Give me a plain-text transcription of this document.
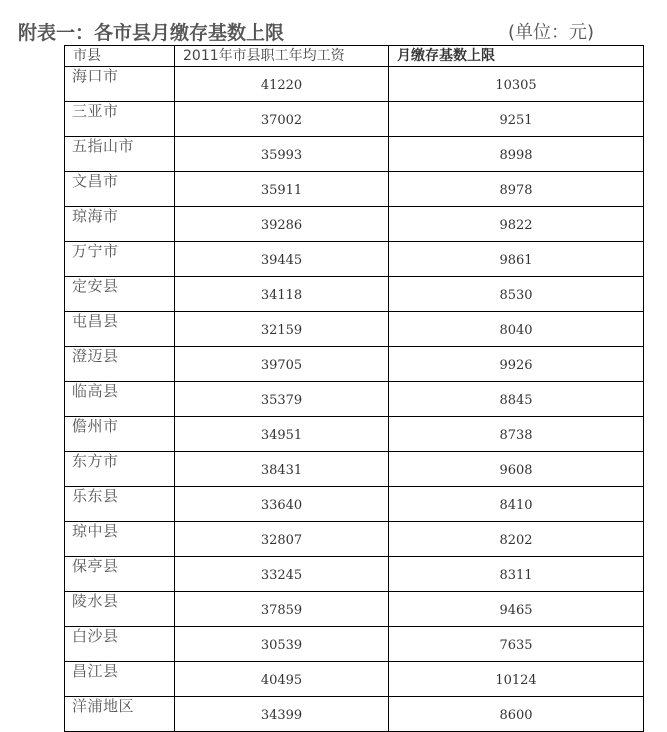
附表一：各市县月缴存基数上限	(单位：元)
市县	2011年市县职工年均工资	月缴存基数上限
海口市	41220	10305
三亚市	37002	9251
五指山市	35993	8998
文昌市	35911	8978
琼海市	39286	9822
万宁市	39445	9861
定安县	34118	8530
屯昌县	32159	8040
澄迈县	39705	9926
临高县	35379	8845
儋州市	34951	8738
东方市	38431	9608
乐东县	33640	8410
琼中县	32807	8202
保亭县	33245	8311
陵水县	37859	9465
白沙县	30539	7635
昌江县	40495	10124
洋浦地区	34399	8600
